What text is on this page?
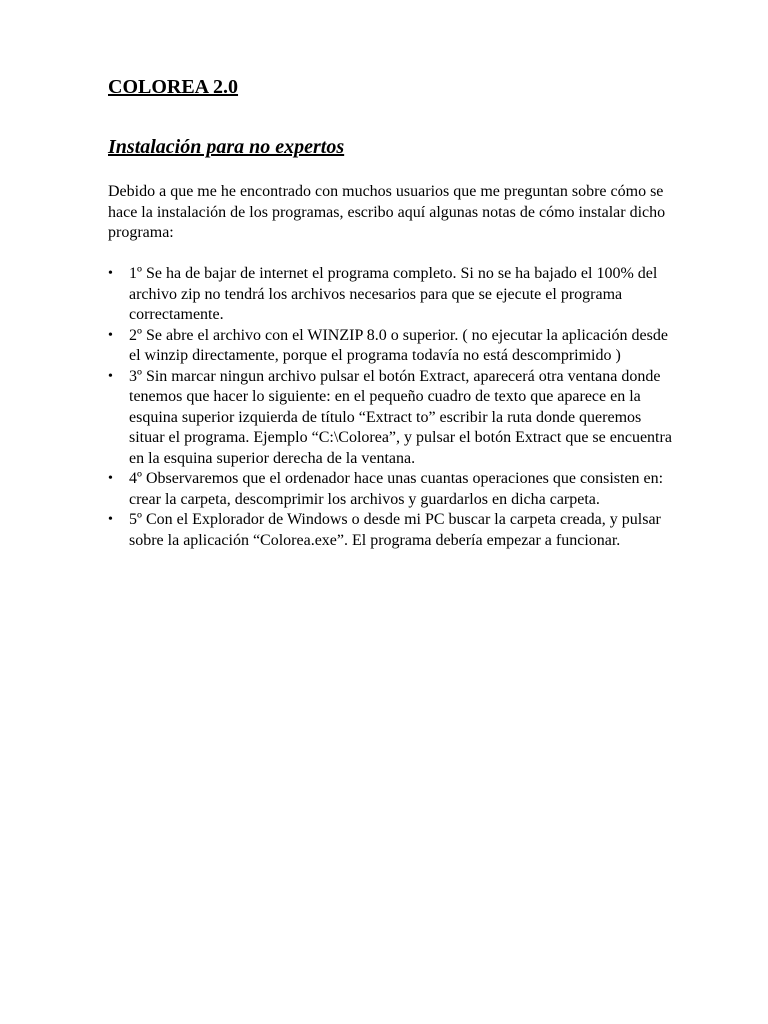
COLOREA 2.0
Instalación para no expertos

Debido a que me he encontrado con muchos usuarios que me preguntan sobre cómo se hace la instalación de los programas, escribo aquí algunas notas de cómo instalar dicho programa:

•	1º Se ha de bajar de internet el programa completo. Si no se ha bajado el 100% del archivo zip no tendrá los archivos necesarios para que se ejecute el programa correctamente.
•	2º Se abre el archivo con el WINZIP 8.0 o superior. ( no ejecutar la aplicación desde el winzip directamente, porque el programa todavía no está descomprimido )
•	3º Sin marcar ningun archivo pulsar el botón Extract, aparecerá otra ventana donde tenemos que hacer lo siguiente: en el pequeño cuadro de texto que aparece en la esquina superior izquierda de título “Extract to” escribir la ruta donde queremos situar el programa. Ejemplo “C:\Colorea”, y pulsar el botón Extract que se encuentra en la esquina superior derecha de la ventana.
•	4º Observaremos que el ordenador hace unas cuantas operaciones que consisten en: crear la carpeta, descomprimir los archivos y guardarlos en dicha carpeta.
•	5º Con el Explorador de Windows o desde mi PC buscar la carpeta creada, y pulsar sobre la aplicación “Colorea.exe”. El programa debería empezar a funcionar.
